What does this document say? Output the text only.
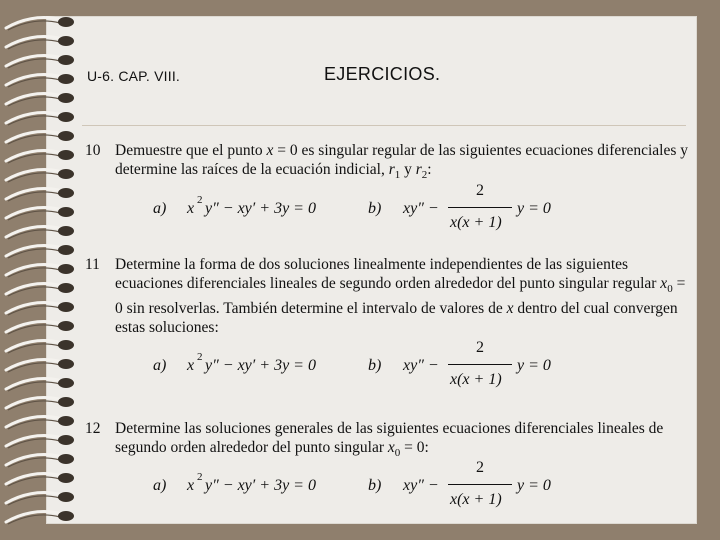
U-6. CAP. VIII.	EJERCICIOS.
10 Demuestre que el punto x = 0 es singular regular de las siguientes ecuaciones diferenciales y determine las raíces de la ecuación indicial, $r_1$ y $r_2$:
a) x 2 y″ − xy′ + 3y = 0	b) xy″ −
2
x(x + 1)
y = 0
11 Determine la forma de dos soluciones linealmente independientes de las siguientes ecuaciones diferenciales lineales de segundo orden alrededor del punto singular regular $x_0 = 0$ sin resolverlas. También determine el intervalo de valores de x dentro del cual convergen estas soluciones:
a) x 2 y″ − xy′ + 3y = 0	b) xy″ −
2
x(x + 1)
y = 0
12 Determine las soluciones generales de las siguientes ecuaciones diferenciales lineales de segundo orden alrededor del punto singular $x_0 = 0$:
a) x 2 y″ − xy′ + 3y = 0	b) xy″ −
2
x(x + 1)
y = 0
